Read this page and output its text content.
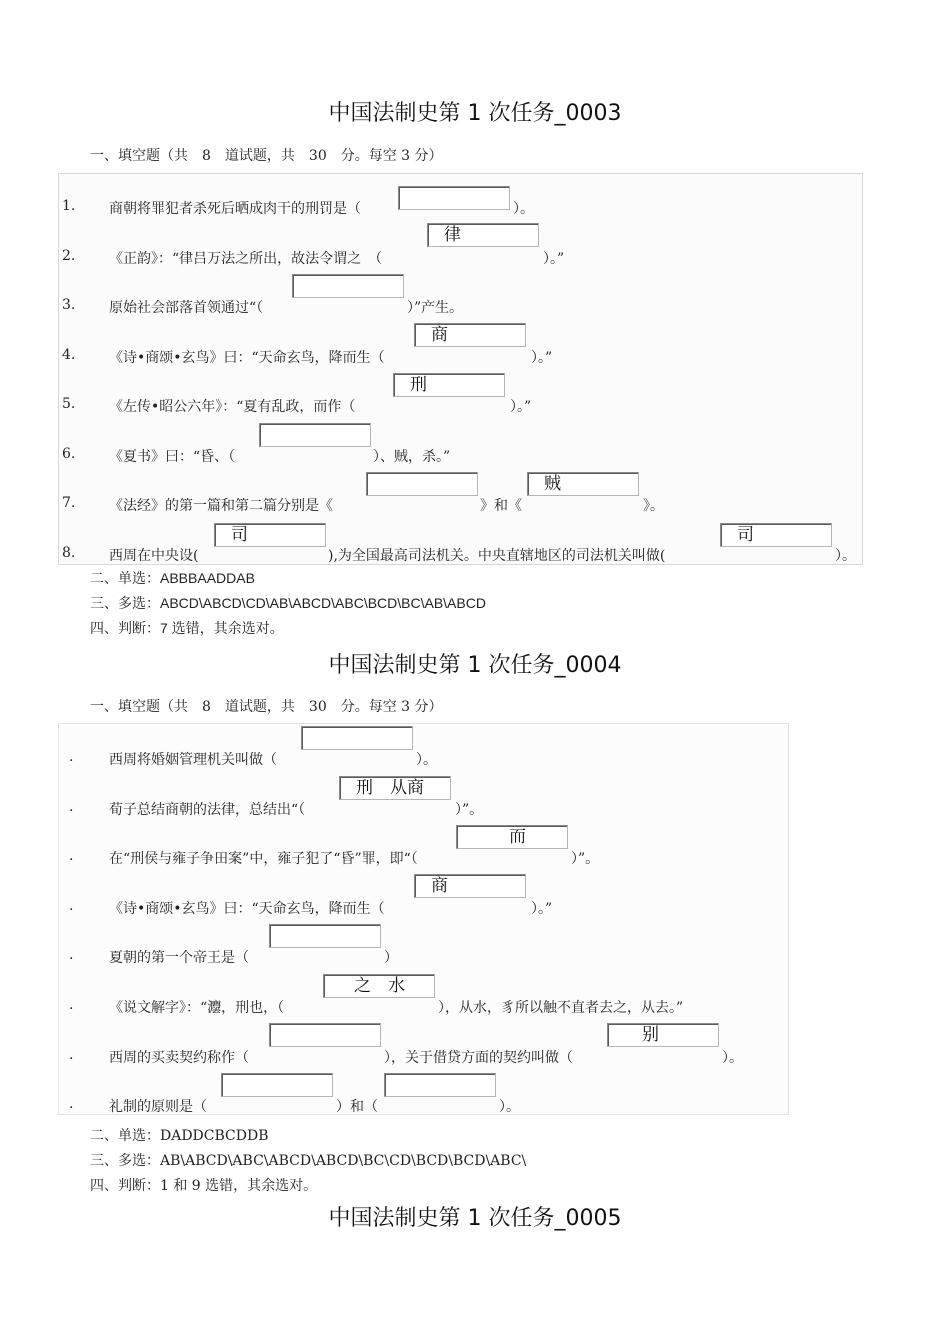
中国法制史第 1 次任务_0003
一、填空题（共　8　道试题，共　30　分。每空 3 分）
1. 商朝将罪犯者杀死后晒成肉干的刑罚是（	）。
2. 《正韵》：“律吕万法之所出，故法令谓之　（
律
）。”
3. 原始社会部落首领通过“（	）”产生。
4. 《诗•商颂•玄鸟》曰：“天命玄鸟，降而生（
商
）。”
5. 《左传•昭公六年》：“夏有乱政，而作（
刑
）。”
6. 《夏书》曰：“昏、（	）、贼，杀。”
7. 《法经》的第一篇和第二篇分别是《	》和《
贼
》。
8. 西周在中央设(
司
),为全国最高司法机关。中央直辖地区的司法机关叫做(
司
）。
二、单选：ABBBAADDAB
三、多选：ABCD\ABCD\CD\AB\ABCD\ABC\BCD\BC\AB\ABCD
四、判断：7 选错，其余选对。
中国法制史第 1 次任务_0004
一、填空题（共　8　道试题，共　30　分。每空 3 分）
.	西周将婚姻管理机关叫做（	）。
.	荀子总结商朝的法律，总结出“（
刑　从商
）”。
.	在“刑侯与雍子争田案”中，雍子犯了“昏”罪，即“（
而
）”。
.	《诗•商颂•玄鸟》曰：“天命玄鸟，降而生（
商
）。”
.	夏朝的第一个帝王是（	）
.	《说文解字》：“灋，刑也，（
之　水
），从水，豸所以触不直者去之，从去。”
.	西周的买卖契约称作（	），关于借贷方面的契约叫做（
别
）。
.	礼制的原则是（	）和（	）。
二、单选：DADDCBCDDB
三、多选：AB\ABCD\ABC\ABCD\ABCD\BC\CD\BCD\BCD\ABC\
四、判断：1 和 9 选错，其余选对。
中国法制史第 1 次任务_0005
